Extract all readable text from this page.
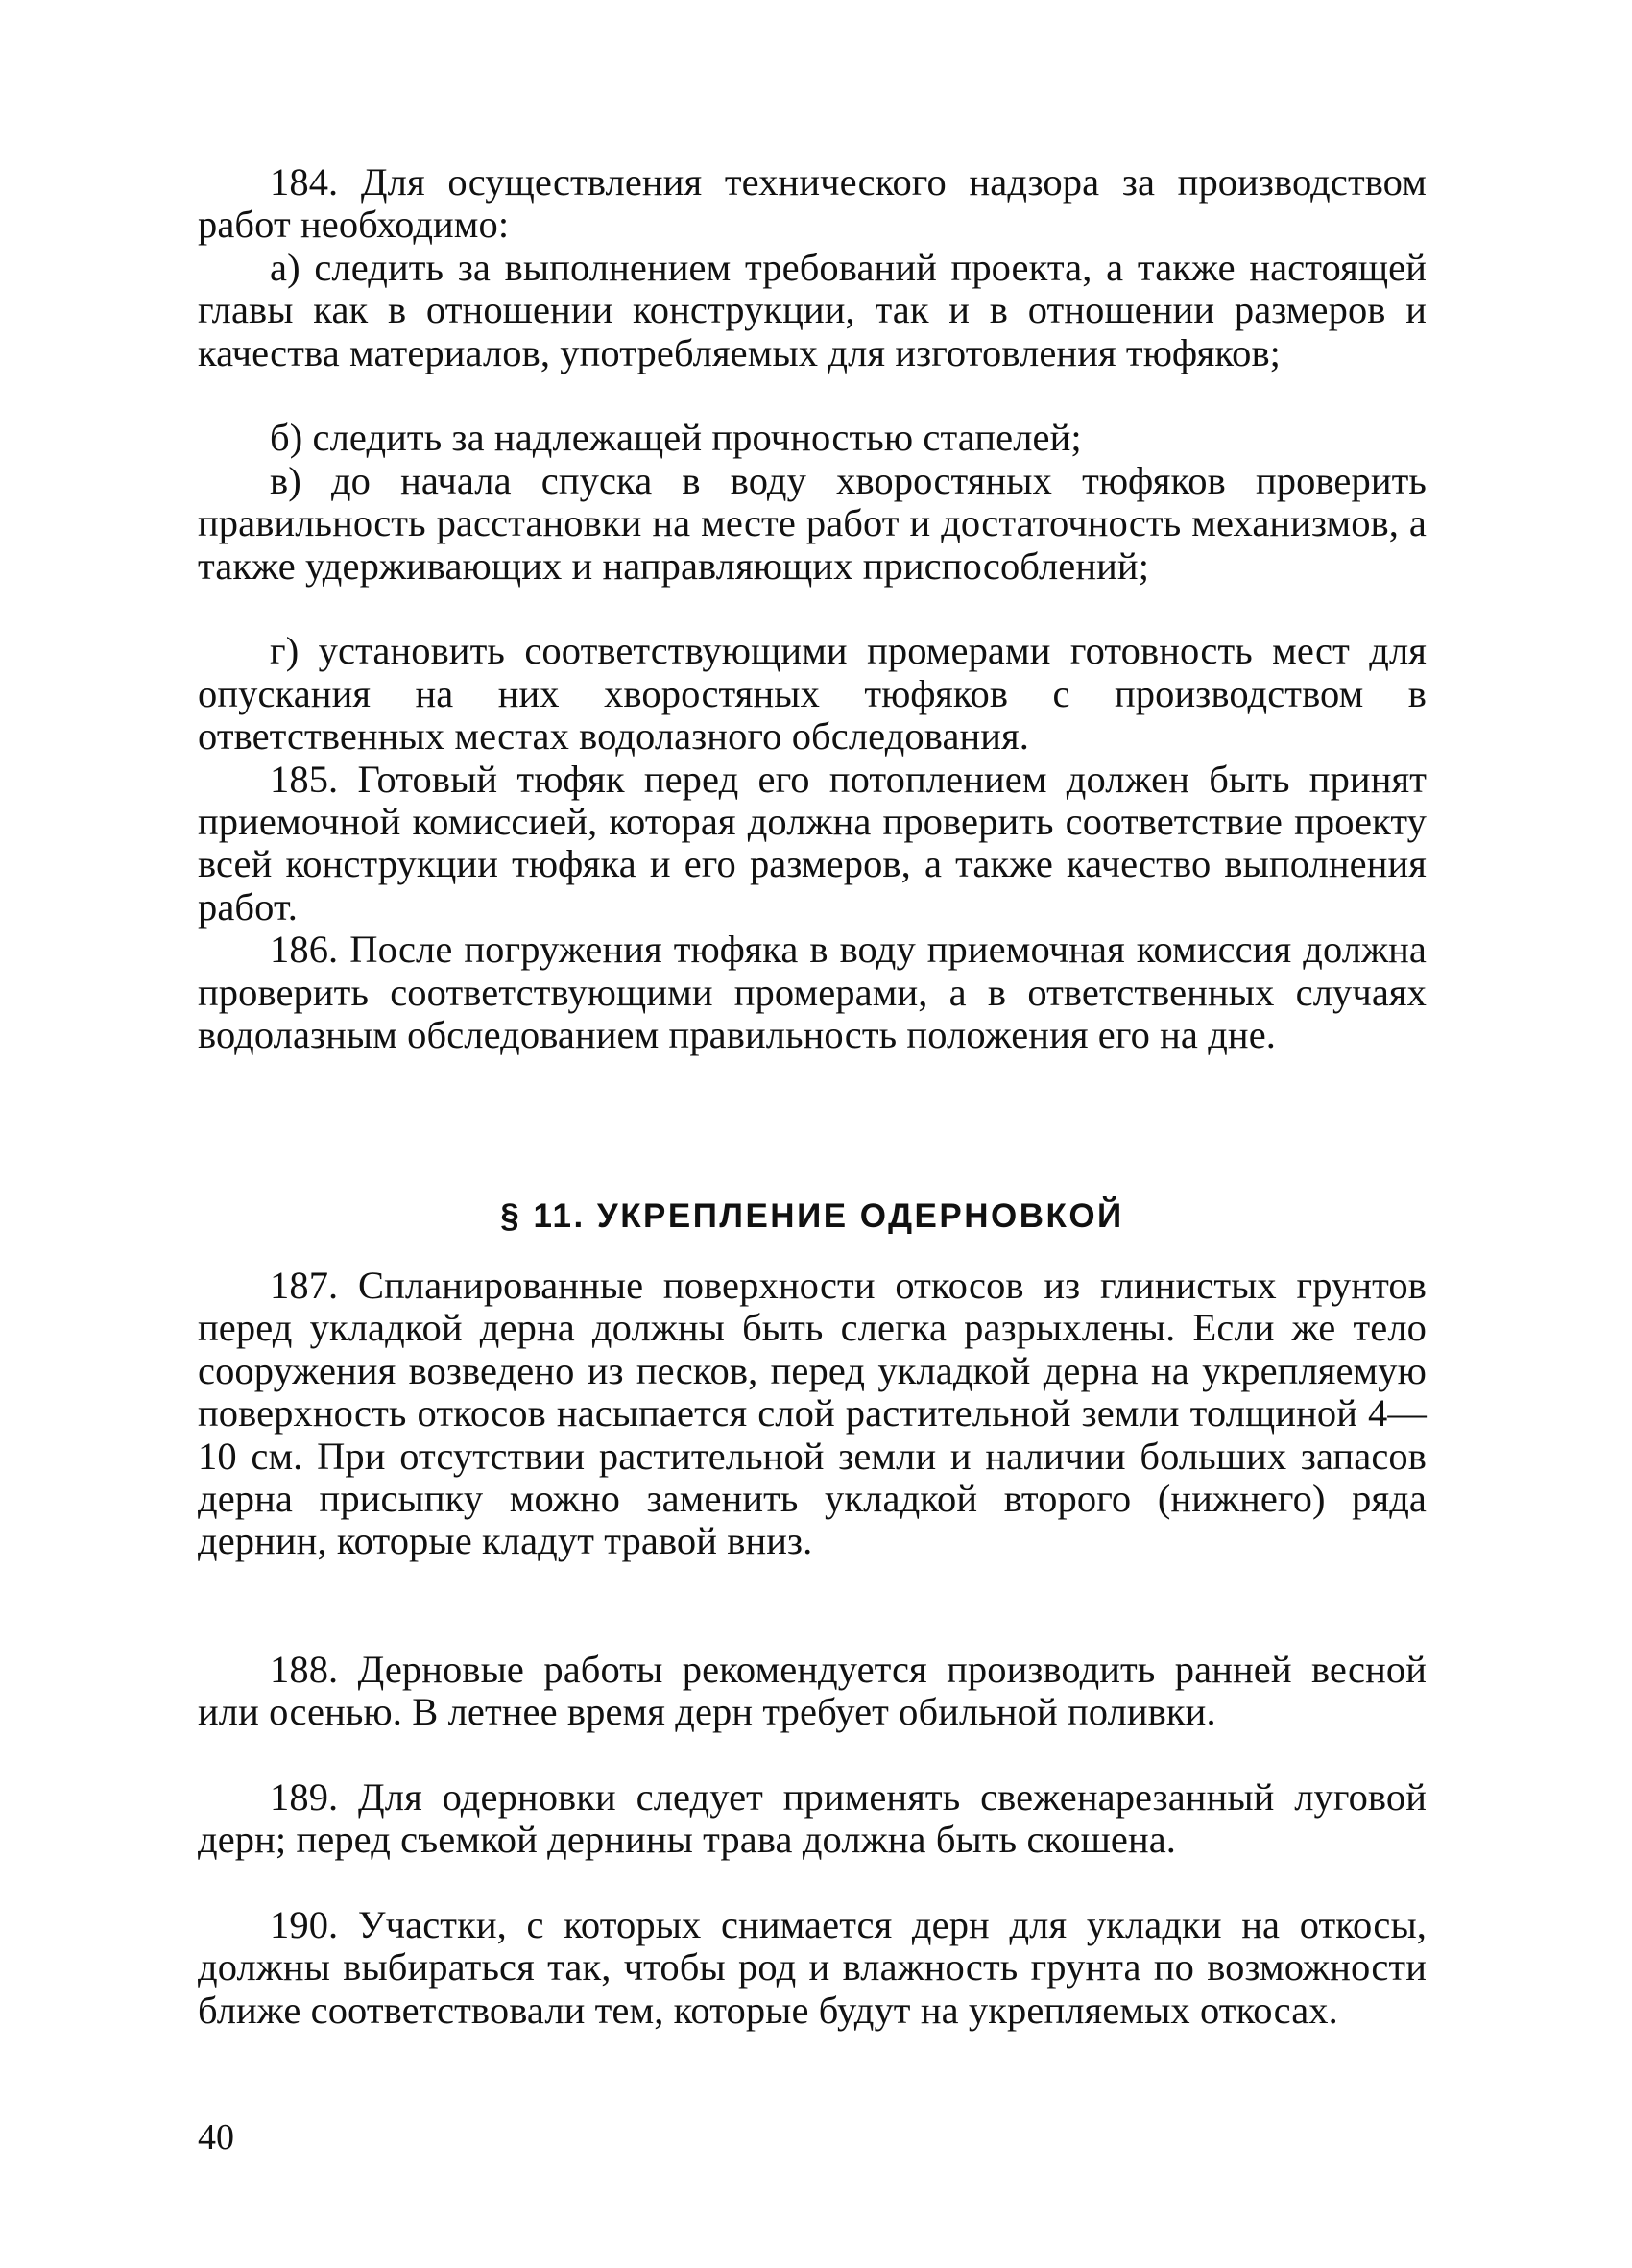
184. Для осуществления технического надзора за производством работ необходимо:

а) следить за выполнением требований проекта, а также настоящей главы как в отношении конструкции, так и в отношении размеров и качества материалов, употребляемых для изготовления тюфяков;

б) следить за надлежащей прочностью стапелей;

в) до начала спуска в воду хворостяных тюфяков проверить правильность расстановки на месте работ и достаточность механизмов, а также удерживающих и направляющих приспособлений;

г) установить соответствующими промерами готовность мест для опускания на них хворостяных тюфяков с производством в ответственных местах водолазного обследования.

185. Готовый тюфяк перед его потоплением должен быть принят приемочной комиссией, которая должна проверить соответствие проекту всей конструкции тюфяка и его размеров, а также качество выполнения работ.

186. После погружения тюфяка в воду приемочная комиссия должна проверить соответствующими промерами, а в ответственных случаях водолазным обследованием правильность положения его на дне.

§ 11. УКРЕПЛЕНИЕ ОДЕРНОВКОЙ

187. Спланированные поверхности откосов из глинистых грунтов перед укладкой дерна должны быть слегка разрыхлены. Если же тело сооружения возведено из песков, перед укладкой дерна на укрепляемую поверхность откосов насыпается слой растительной земли толщиной 4—10 см. При отсутствии растительной земли и наличии больших запасов дерна присыпку можно заменить укладкой второго (нижнего) ряда дернин, которые кладут травой вниз.

188. Дерновые работы рекомендуется производить ранней весной или осенью. В летнее время дерн требует обильной поливки.

189. Для одерновки следует применять свеженарезанный луговой дерн; перед съемкой дернины трава должна быть скошена.

190. Участки, с которых снимается дерн для укладки на откосы, должны выбираться так, чтобы род и влажность грунта по возможности ближе соответствовали тем, которые будут на укрепляемых откосах.

40
